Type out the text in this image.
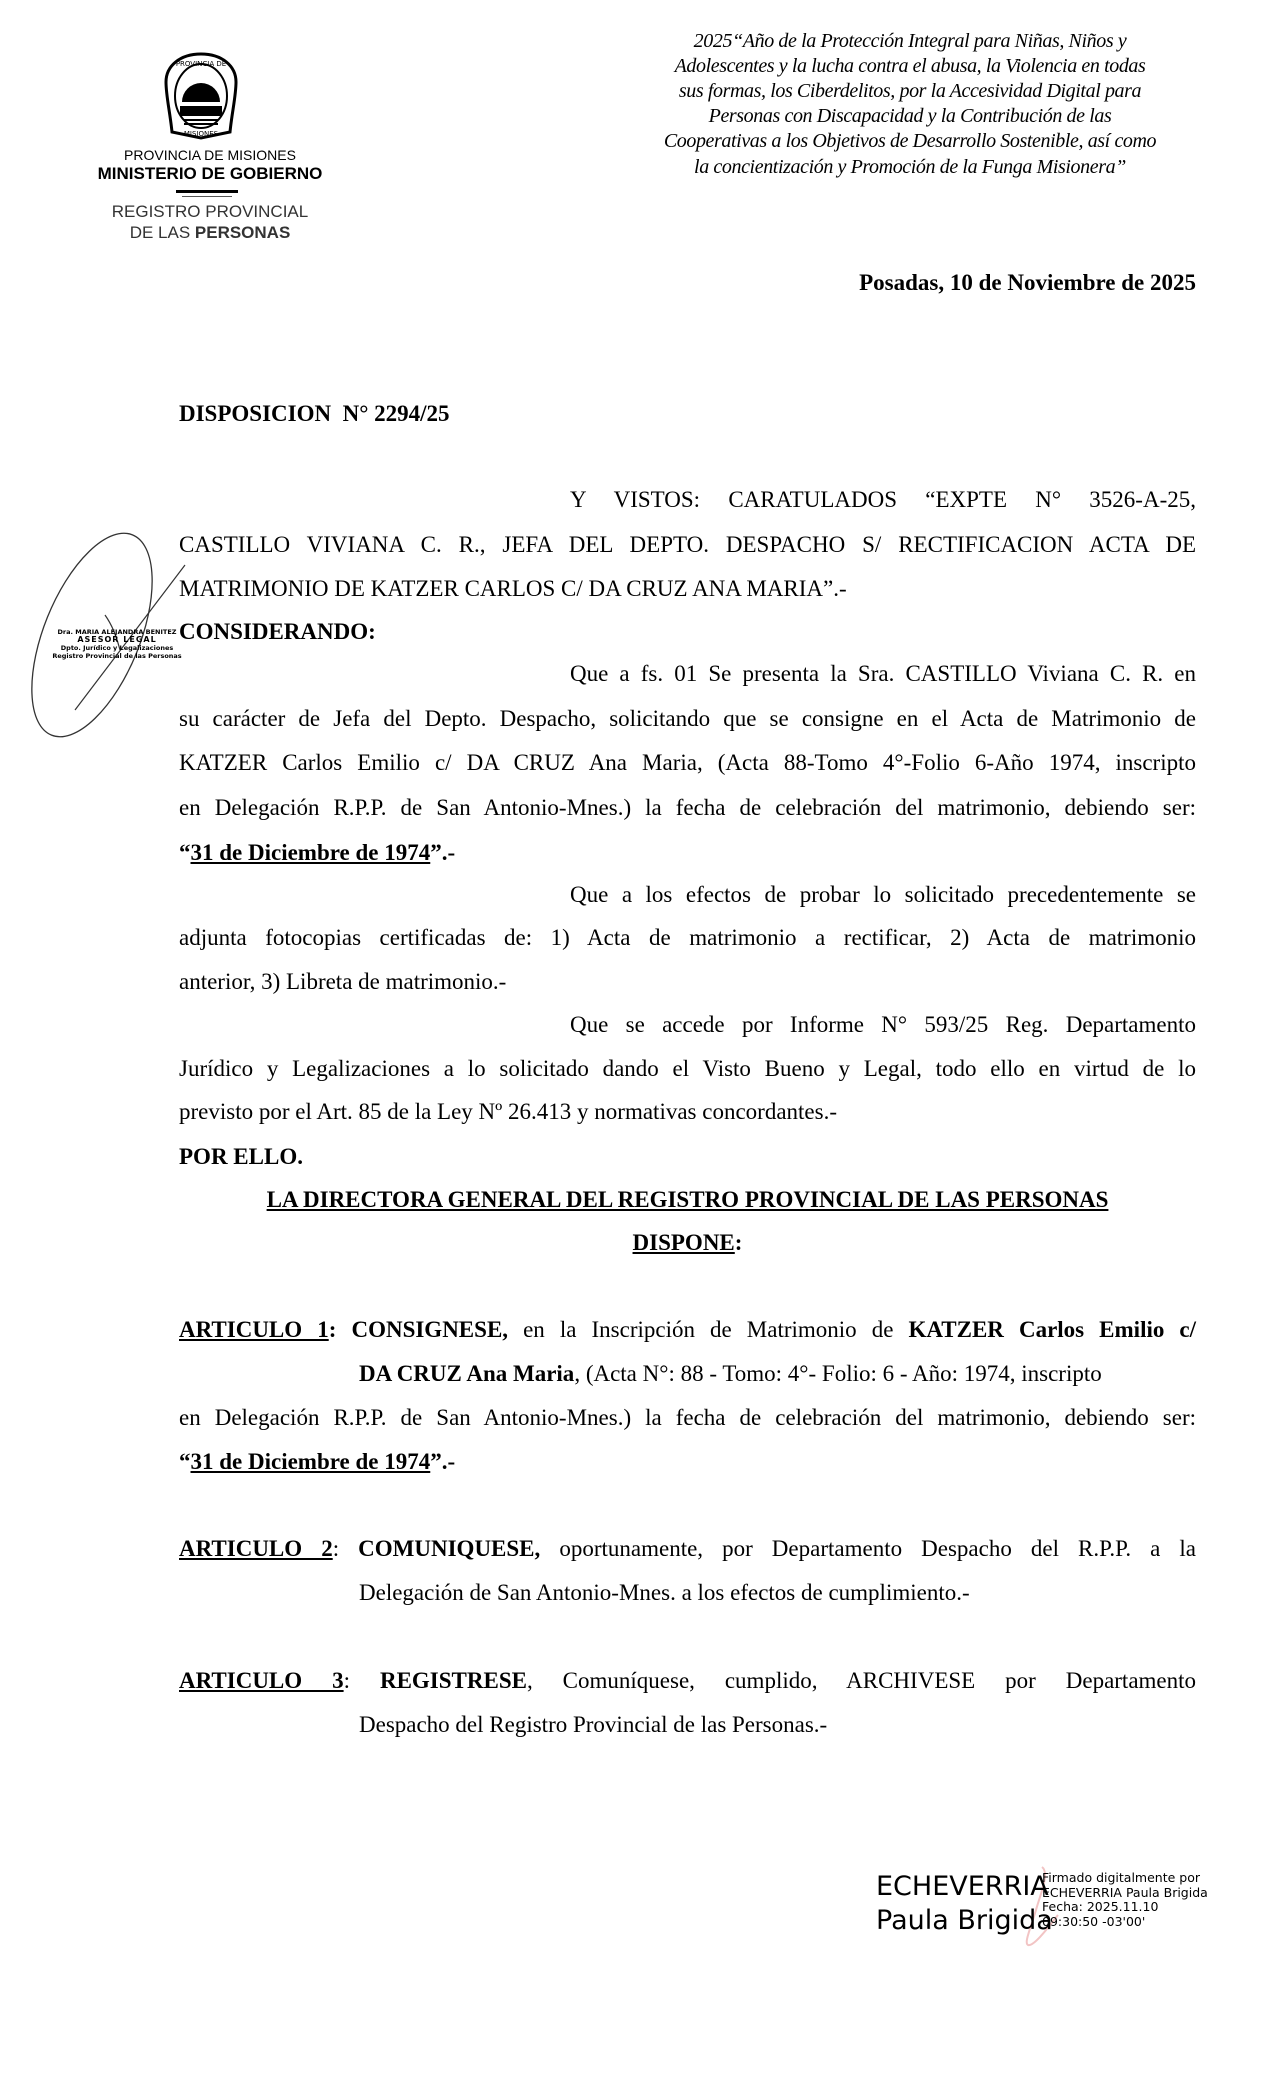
PROVINCIA DE
MISIONES
PROVINCIA DE MISIONES
MINISTERIO DE GOBIERNO
REGISTRO PROVINCIAL
DE LAS PERSONAS
2025“Año de la Protección Integral para Niñas, Niños y
Adolescentes y la lucha contra el abusa, la Violencia en todas
sus formas, los Ciberdelitos, por la Accesividad Digital para
Personas con Discapacidad y la Contribución de las
Cooperativas a los Objetivos de Desarrollo Sostenible, así como
la concientización y Promoción de la Funga Misionera”
Posadas, 10 de Noviembre de 2025
DISPOSICION  N° 2294/25
Y VISTOS: CARATULADOS “EXPTE N° 3526-A-25,
CASTILLO VIVIANA C. R., JEFA DEL DEPTO. DESPACHO S/ RECTIFICACION ACTA DE
MATRIMONIO DE KATZER CARLOS C/ DA CRUZ ANA MARIA”.-
CONSIDERANDO:
Que a fs. 01 Se presenta la Sra. CASTILLO Viviana C. R. en
su carácter de Jefa del Depto. Despacho, solicitando que se consigne en el Acta de Matrimonio de
KATZER Carlos Emilio c/ DA CRUZ Ana Maria, (Acta 88-Tomo 4°-Folio 6-Año 1974, inscripto
en Delegación R.P.P. de San Antonio-Mnes.) la fecha de celebración del matrimonio, debiendo ser:
“31 de Diciembre de 1974”.-
Que a los efectos de probar lo solicitado precedentemente se
adjunta fotocopias certificadas de: 1) Acta de matrimonio a rectificar, 2) Acta de matrimonio
anterior, 3) Libreta de matrimonio.-
Que se accede por Informe N° 593/25 Reg. Departamento
Jurídico y Legalizaciones a lo solicitado dando el Visto Bueno y Legal, todo ello en virtud de lo
previsto por el Art. 85 de la Ley Nº 26.413 y normativas concordantes.-
POR ELLO.
LA DIRECTORA GENERAL DEL REGISTRO PROVINCIAL DE LAS PERSONAS
DISPONE:
ARTICULO 1: CONSIGNESE, en la Inscripción de Matrimonio de KATZER Carlos Emilio c/
DA CRUZ Ana Maria, (Acta N°: 88 - Tomo: 4°- Folio: 6 - Año: 1974, inscripto
en Delegación R.P.P. de San Antonio-Mnes.) la fecha de celebración del matrimonio, debiendo ser:
“31 de Diciembre de 1974”.-
ARTICULO 2: COMUNIQUESE, oportunamente, por Departamento Despacho del R.P.P. a la
Delegación de San Antonio-Mnes. a los efectos de cumplimiento.-
ARTICULO 3: REGISTRESE, Comuníquese, cumplido, ARCHIVESE por Departamento
Despacho del Registro Provincial de las Personas.-
Dra. MARIA ALEJANDRA BENITEZ
ASESOR LEGAL
Dpto. Jurídico y Legalizaciones
Registro Provincial de las Personas
ECHEVERRIA
Paula Brigida
Firmado digitalmente por
ECHEVERRIA Paula Brigida
Fecha: 2025.11.10
09:30:50 -03'00'
